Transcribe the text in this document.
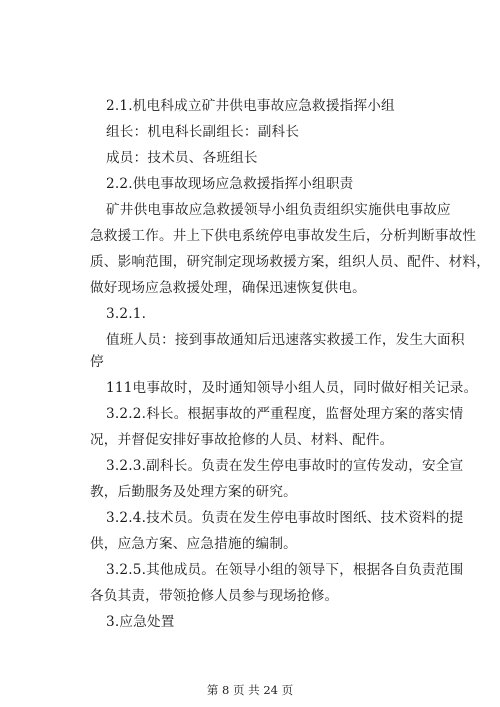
2.1.机电科成立矿井供电事故应急救援指挥小组
组长：机电科长副组长：副科长
成员：技术员、各班组长
2.2.供电事故现场应急救援指挥小组职责
矿井供电事故应急救援领导小组负责组织实施供电事故应
急救援工作。井上下供电系统停电事故发生后，分析判断事故性
质、影响范围，研究制定现场救援方案，组织人员、配件、材料，
做好现场应急救援处理，确保迅速恢复供电。
3.2.1.
值班人员：接到事故通知后迅速落实救援工作，发生大面积
停
111电事故时，及时通知领导小组人员，同时做好相关记录。
3.2.2.科长。根据事故的严重程度，监督处理方案的落实情
况，并督促安排好事故抢修的人员、材料、配件。
3.2.3.副科长。负责在发生停电事故时的宣传发动，安全宣
教，后勤服务及处理方案的研究。
3.2.4.技术员。负责在发生停电事故时图纸、技术资料的提
供，应急方案、应急措施的编制。
3.2.5.其他成员。在领导小组的领导下，根据各自负责范围
各负其责，带领抢修人员参与现场抢修。
3.应急处置
第 8 页 共 24 页
